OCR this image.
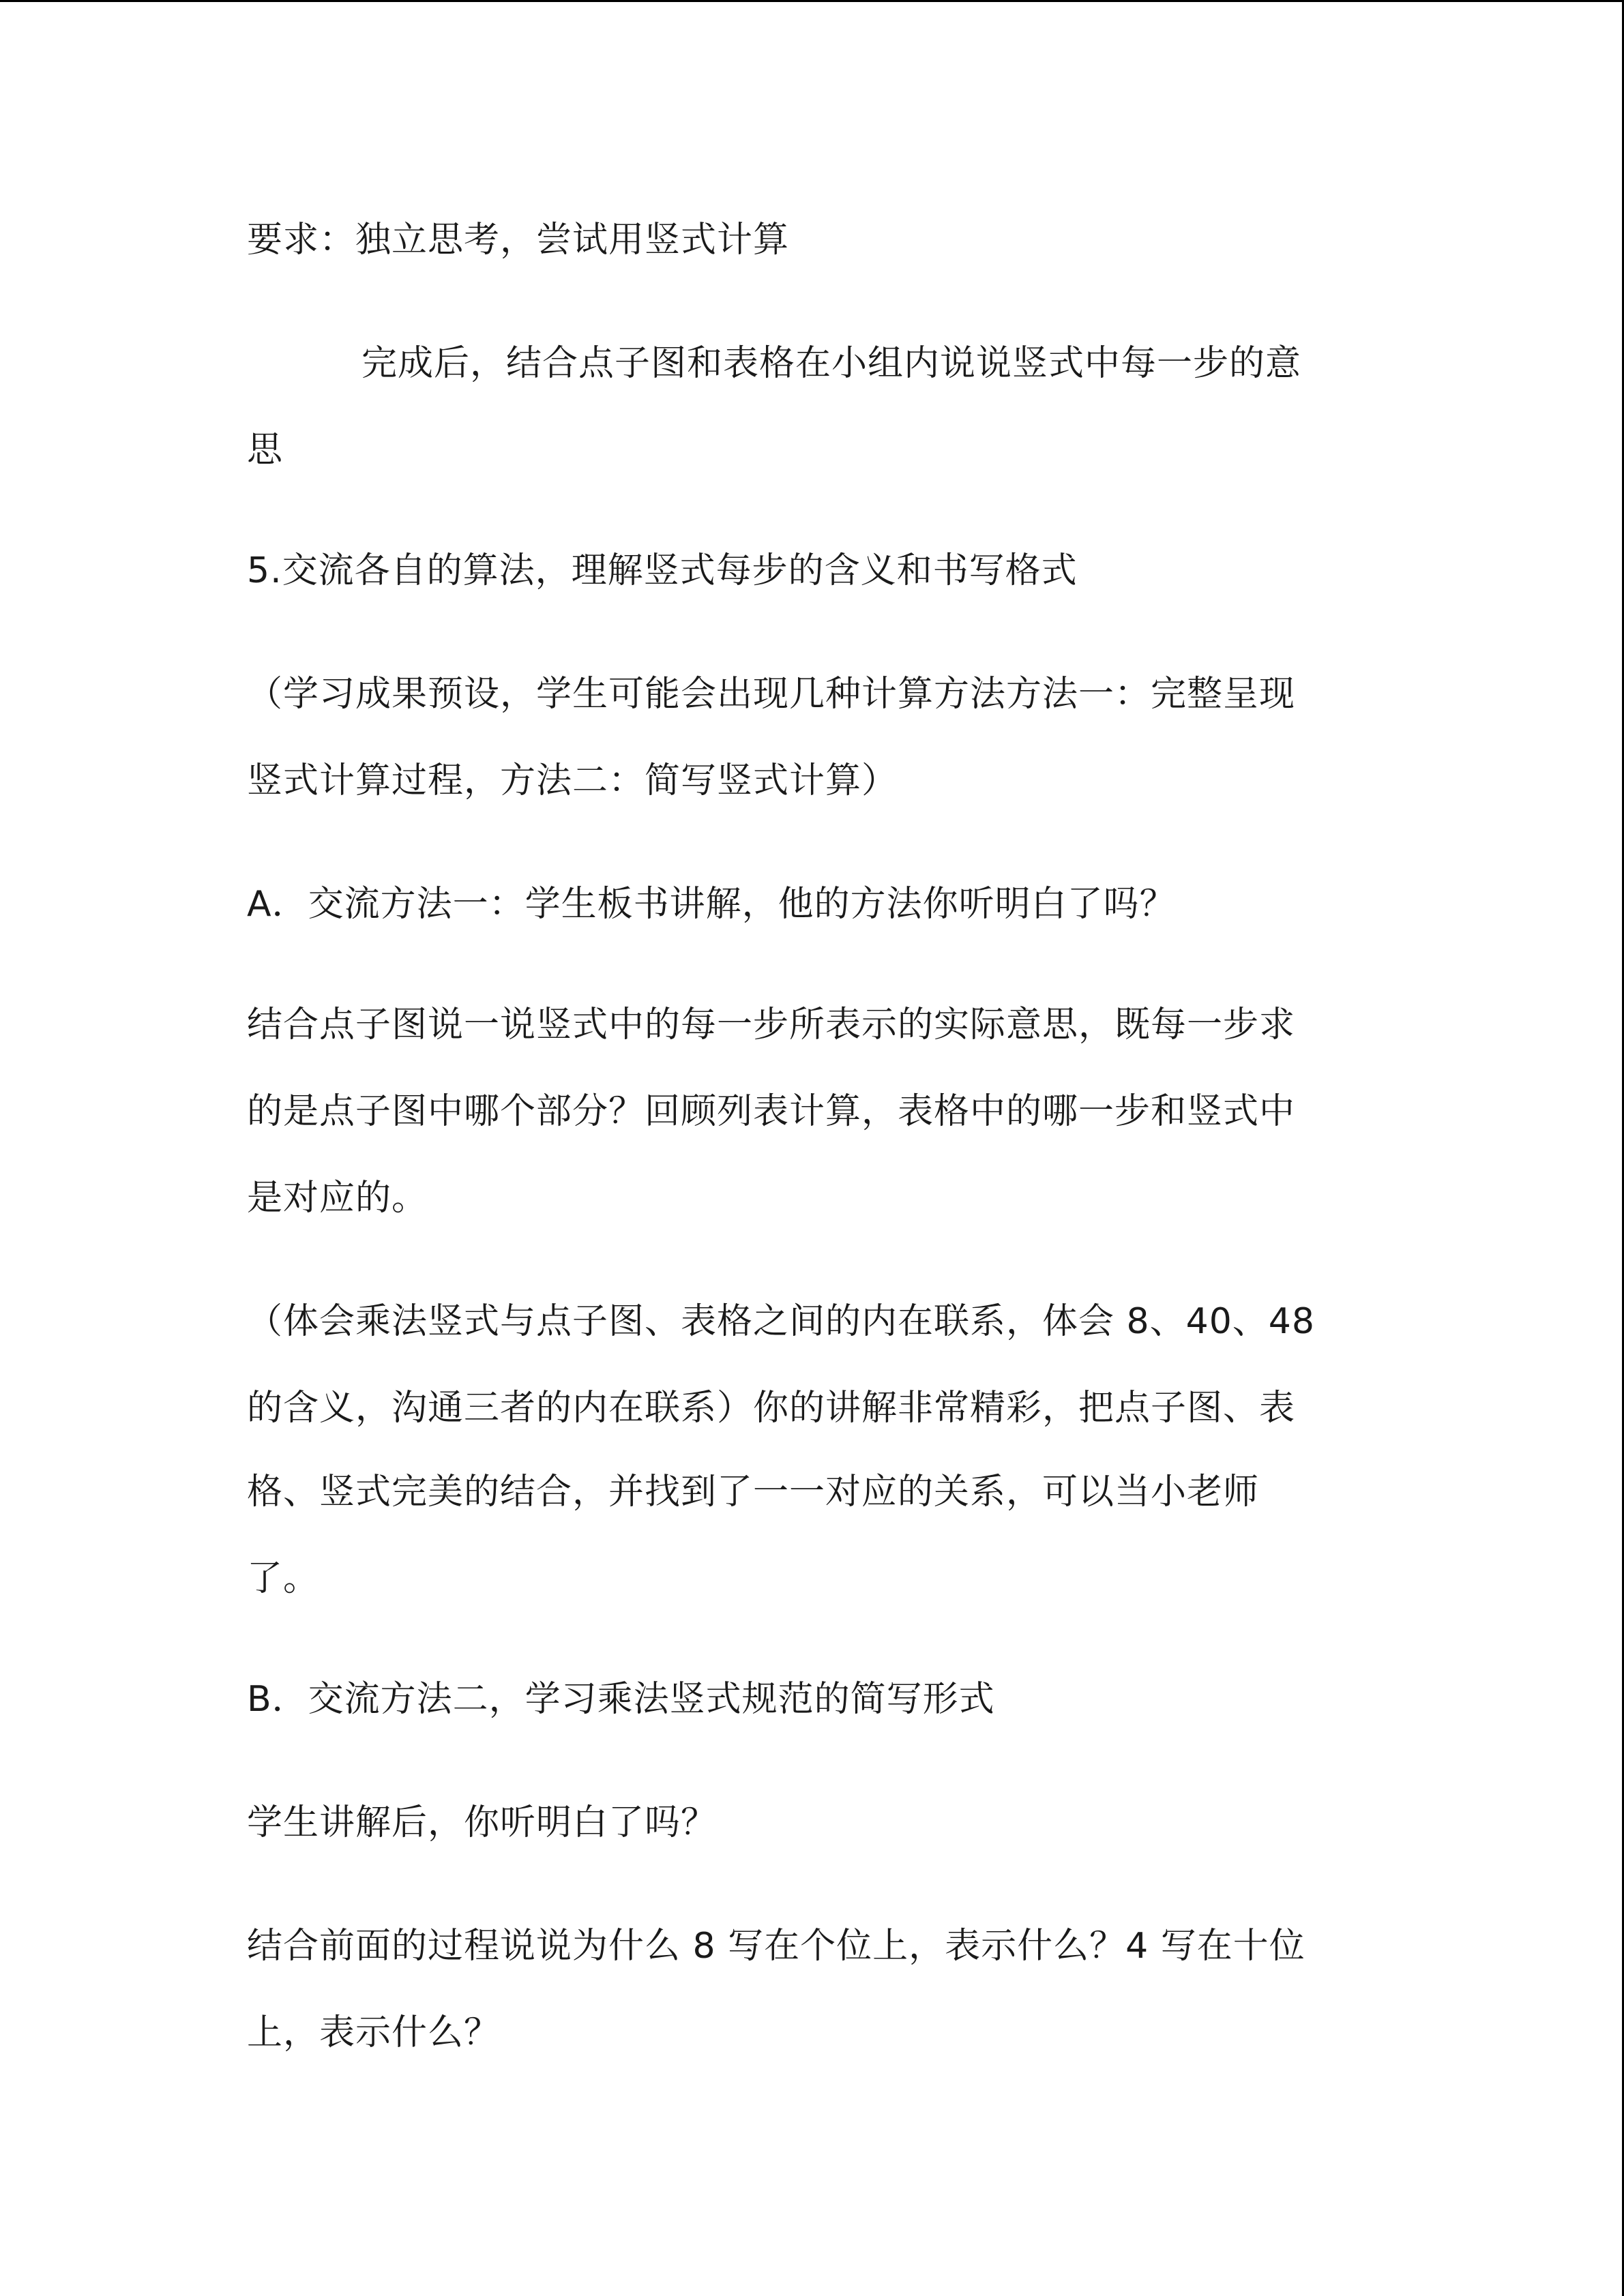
要求：独立思考，尝试用竖式计算
完成后，结合点子图和表格在小组内说说竖式中每一步的意
思
5.交流各自的算法，理解竖式每步的含义和书写格式
（学习成果预设，学生可能会出现几种计算方法方法一：完整呈现
竖式计算过程，方法二：简写竖式计算）
A．交流方法一：学生板书讲解，他的方法你听明白了吗？
结合点子图说一说竖式中的每一步所表示的实际意思，既每一步求
的是点子图中哪个部分？回顾列表计算，表格中的哪一步和竖式中
是对应的。
（体会乘法竖式与点子图、表格之间的内在联系，体会 8、40、48
的含义，沟通三者的内在联系）你的讲解非常精彩，把点子图、表
格、竖式完美的结合，并找到了一一对应的关系，可以当小老师
了。
B．交流方法二，学习乘法竖式规范的简写形式
学生讲解后，你听明白了吗？
结合前面的过程说说为什么 8 写在个位上，表示什么？4 写在十位
上，表示什么？
